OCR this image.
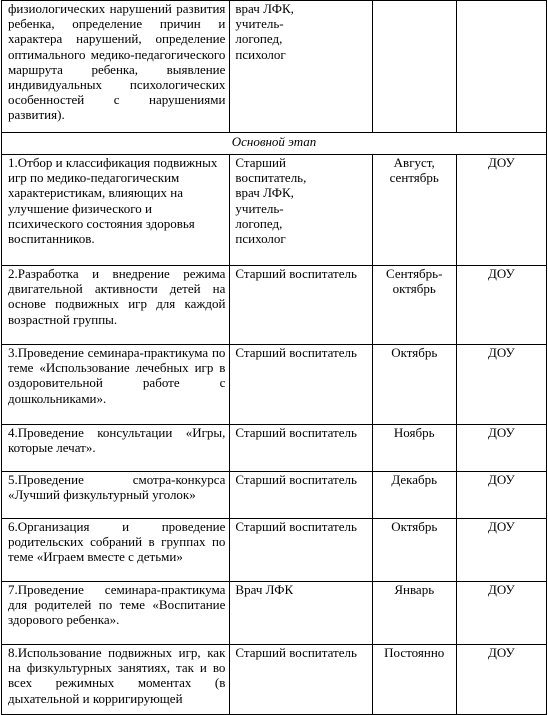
физиологических нарушений развития ребенка, определение причин и характера нарушений, определение оптимального медико-педагогического маршрута ребенка, выявление индивидуальных психологических особенностей с нарушениями развития).	врач ЛФК, учитель-логопед, психолог		

Основной этап			

1.Отбор и классификация подвижных игр по медико-педагогическим характеристикам, влияющих на улучшение физического и психического состояния здоровья воспитанников.	Старший воспитатель, врач ЛФК, учитель-логопед, психолог	Август, сентябрь	ДОУ

2.Разработка и внедрение режима двигательной активности детей на основе подвижных игр для каждой возрастной группы.	Старший воспитатель	Сентябрь-октябрь	ДОУ

3.Проведение семинара-практикума по теме «Использование лечебных игр в оздоровительной работе с дошкольниками».	Старший воспитатель	Октябрь	ДОУ

4.Проведение консультации «Игры, которые лечат».	Старший воспитатель	Ноябрь	ДОУ

5.Проведение смотра-конкурса «Лучший физкультурный уголок»	Старший воспитатель	Декабрь	ДОУ

6.Организация и проведение родительских собраний в группах по теме «Играем вместе с детьми»	Старший воспитатель	Октябрь	ДОУ

7.Проведение семинара-практикума для родителей по теме «Воспитание здорового ребенка».	Врач ЛФК	Январь	ДОУ

8.Использование подвижных игр, как на физкультурных занятиях, так и во всех режимных моментах (в дыхательной и корригирующей	Старший воспитатель	Постоянно	ДОУ
